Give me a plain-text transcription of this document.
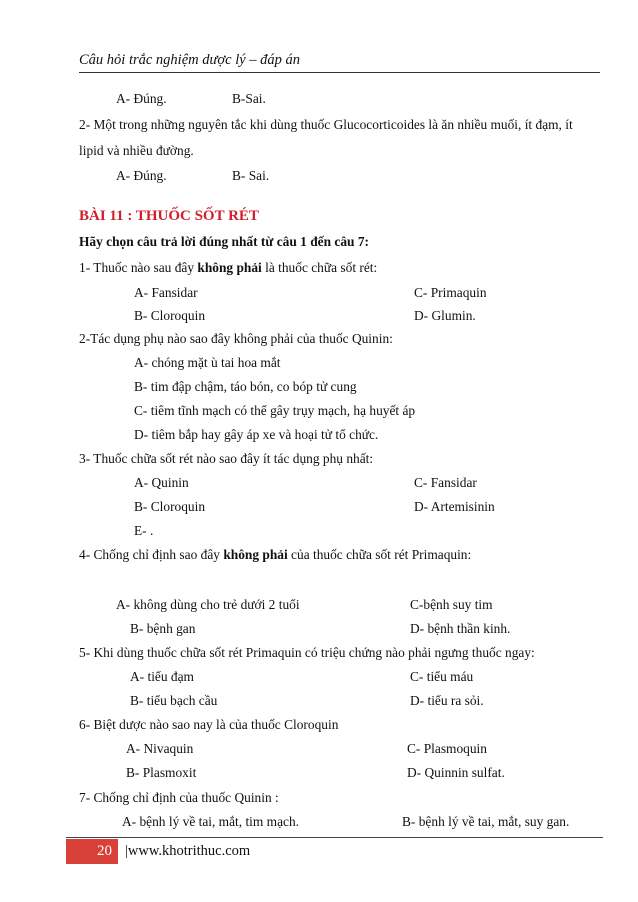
Câu hỏi trắc nghiệm dược lý – đáp án
A- Đúng.	B-Sai.
2- Một trong những nguyên tắc khi dùng thuốc Glucocorticoides là ăn nhiều muối, ít đạm, ít
lipid và nhiều đường.
A- Đúng.	B- Sai.
BÀI 11 : THUỐC SỐT RÉT
Hãy chọn câu trả lời đúng nhất từ câu 1 đến câu 7:
1- Thuốc nào sau đây không phải là thuốc chữa sốt rét:
A- Fansidar	C- Primaquin
B- Cloroquin	D- Glumin.
2-Tác dụng phụ nào sao đây không phải của thuốc Quinin:
A- chóng mặt ù tai hoa mắt
B- tim đập chậm, táo bón, co bóp tử cung
C- tiêm tĩnh mạch có thể gây trụy mạch, hạ huyết áp
D- tiêm bắp hay gây áp xe và hoại tử tổ chức.
3- Thuốc chữa sốt rét nào sao đây ít tác dụng phụ nhất:
A- Quinin	C- Fansidar
B- Cloroquin	D- Artemisinin
E- .
4- Chống chỉ định sao đây không phải của thuốc chữa sốt rét Primaquin:
A- không dùng cho trẻ dưới 2 tuổi	C-bệnh suy tim
B- bệnh gan	D- bệnh thần kinh.
5- Khi dùng thuốc chữa sốt rét Primaquin có triệu chứng nào phải ngưng thuốc ngay:
A- tiểu đạm	C- tiểu máu
B- tiểu bạch cầu	D- tiểu ra sỏi.
6- Biệt dược nào sao nay là của thuốc Cloroquin
A- Nivaquin	C- Plasmoquin
B- Plasmoxit	D- Quinnin sulfat.
7- Chống chỉ định của thuốc Quinin :
A- bệnh lý về tai, mắt, tim mạch.	B- bệnh lý về tai, mắt, suy gan.
20 |www.khotrithuc.com
